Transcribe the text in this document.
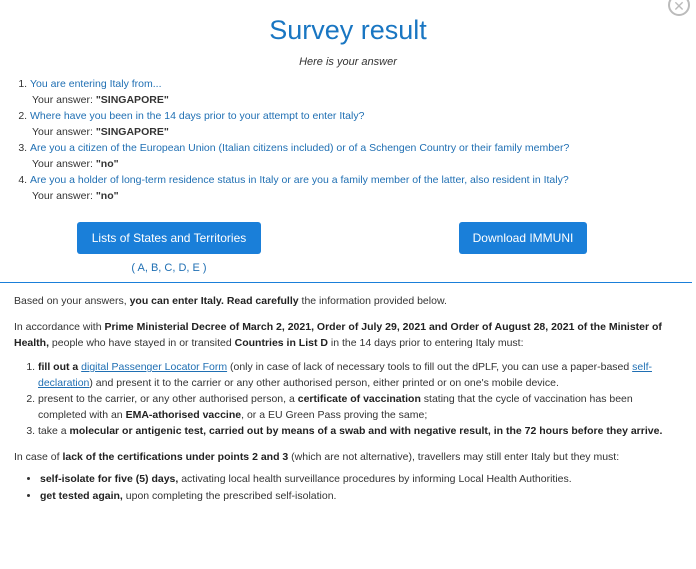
✕
Survey result
Here is your answer
1. You are entering Italy from...
Your answer: "SINGAPORE"
2. Where have you been in the 14 days prior to your attempt to enter Italy?
Your answer: "SINGAPORE"
3. Are you a citizen of the European Union (Italian citizens included) or of a Schengen Country or their family member?
Your answer: "no"
4. Are you a holder of long-term residence status in Italy or are you a family member of the latter, also resident in Italy?
Your answer: "no"
Lists of States and Territories
( A, B, C, D, E )
Download IMMUNI

Based on your answers, you can enter Italy. Read carefully the information provided below.

In accordance with Prime Ministerial Decree of March 2, 2021, Order of July 29, 2021 and Order of August 28, 2021 of the Minister of Health, people who have stayed in or transited Countries in List D in the 14 days prior to entering Italy must:

1. fill out a digital Passenger Locator Form (only in case of lack of necessary tools to fill out the dPLF, you can use a paper-based self-declaration) and present it to the carrier or any other authorised person, either printed or on one's mobile device.
2. present to the carrier, or any other authorised person, a certificate of vaccination stating that the cycle of vaccination has been completed with an EMA-athorised vaccine, or a EU Green Pass proving the same;
3. take a molecular or antigenic test, carried out by means of a swab and with negative result, in the 72 hours before they arrive.

In case of lack of the certifications under points 2 and 3 (which are not alternative), travellers may still enter Italy but they must:

• self-isolate for five (5) days, activating local health surveillance procedures by informing Local Health Authorities.
• get tested again, upon completing the prescribed self-isolation.
